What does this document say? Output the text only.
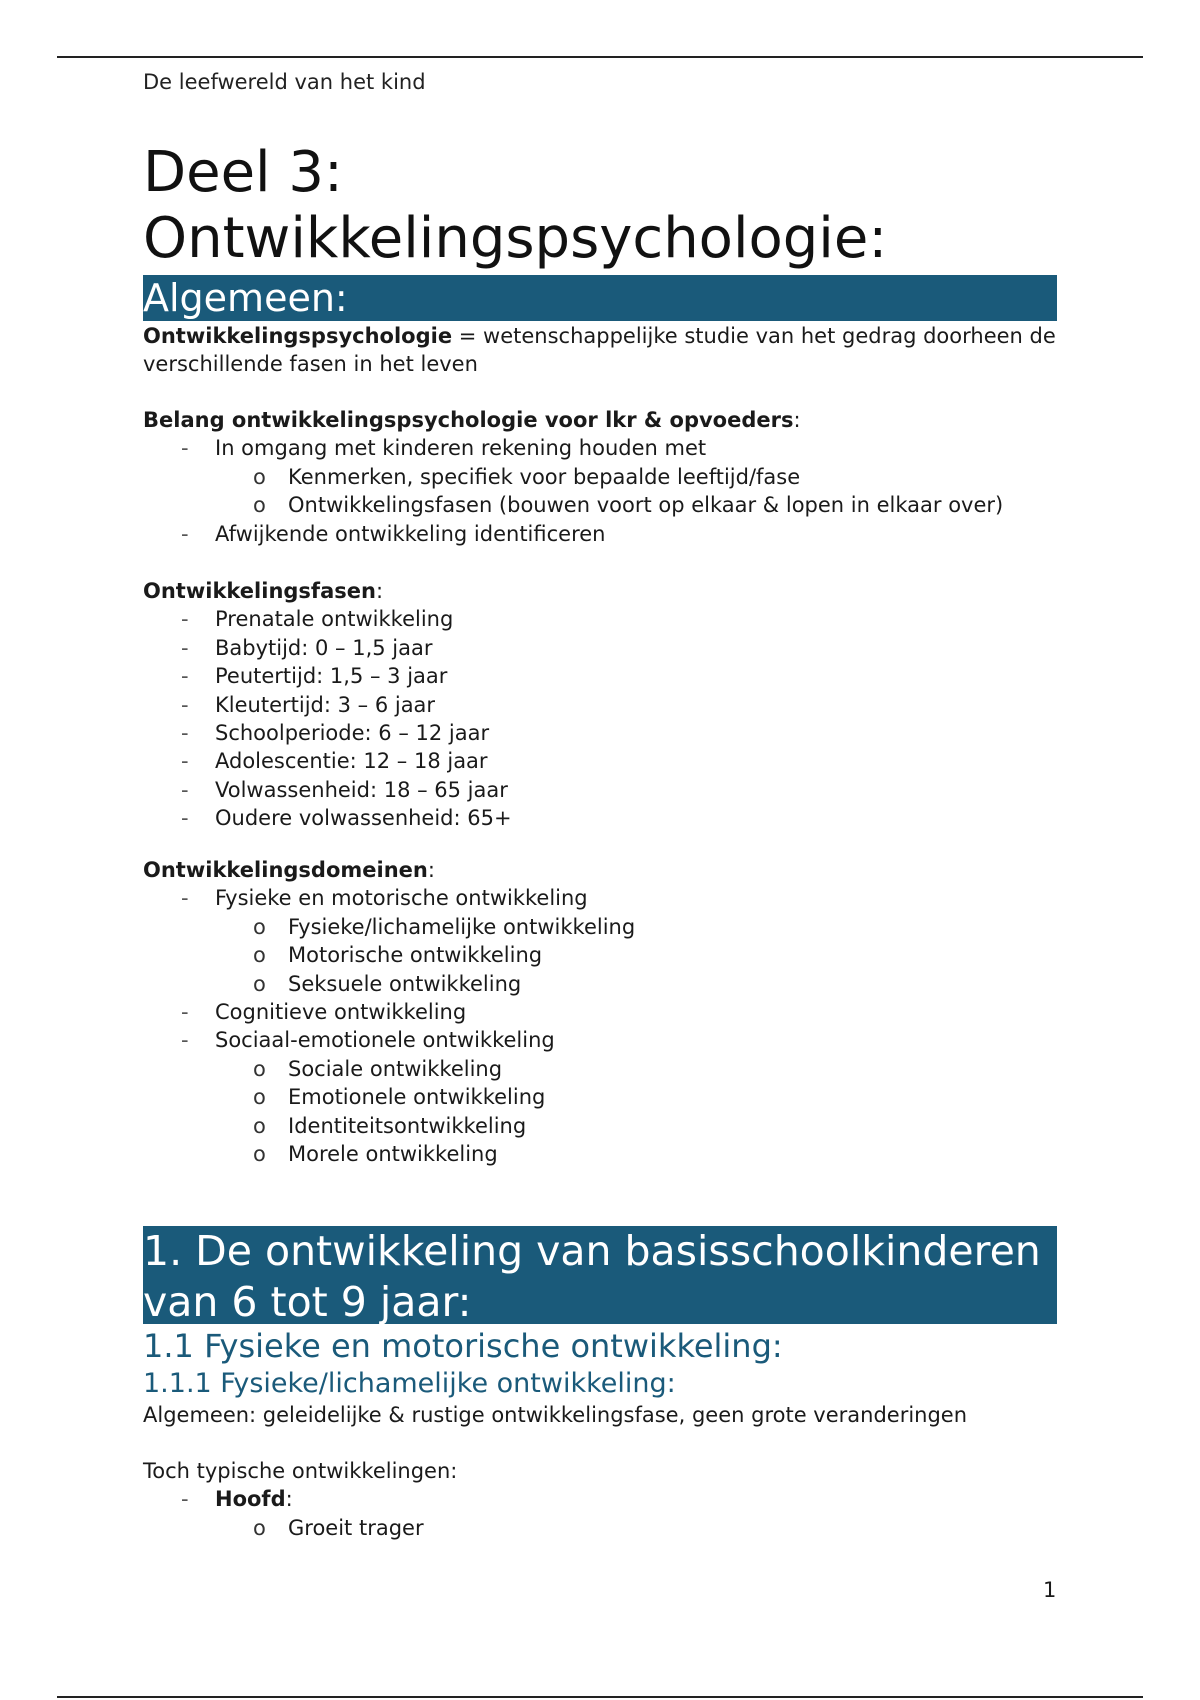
De leefwereld van het kind
Deel 3:
Ontwikkelingspsychologie:
Algemeen:
Ontwikkelingspsychologie = wetenschappelijke studie van het gedrag doorheen de verschillende fasen in het leven
Belang ontwikkelingspsychologie voor lkr & opvoeders:
- In omgang met kinderen rekening houden met
o Kenmerken, specifiek voor bepaalde leeftijd/fase
o Ontwikkelingsfasen (bouwen voort op elkaar & lopen in elkaar over)
- Afwijkende ontwikkeling identificeren
Ontwikkelingsfasen:
- Prenatale ontwikkeling
- Babytijd: 0 – 1,5 jaar
- Peutertijd: 1,5 – 3 jaar
- Kleutertijd: 3 – 6 jaar
- Schoolperiode: 6 – 12 jaar
- Adolescentie: 12 – 18 jaar
- Volwassenheid: 18 – 65 jaar
- Oudere volwassenheid: 65+
Ontwikkelingsdomeinen:
- Fysieke en motorische ontwikkeling
o Fysieke/lichamelijke ontwikkeling
o Motorische ontwikkeling
o Seksuele ontwikkeling
- Cognitieve ontwikkeling
- Sociaal-emotionele ontwikkeling
o Sociale ontwikkeling
o Emotionele ontwikkeling
o Identiteitsontwikkeling
o Morele ontwikkeling
1. De ontwikkeling van basisschoolkinderen
van 6 tot 9 jaar:
1.1 Fysieke en motorische ontwikkeling:
1.1.1 Fysieke/lichamelijke ontwikkeling:
Algemeen: geleidelijke & rustige ontwikkelingsfase, geen grote veranderingen
Toch typische ontwikkelingen:
- Hoofd:
o Groeit trager
1
